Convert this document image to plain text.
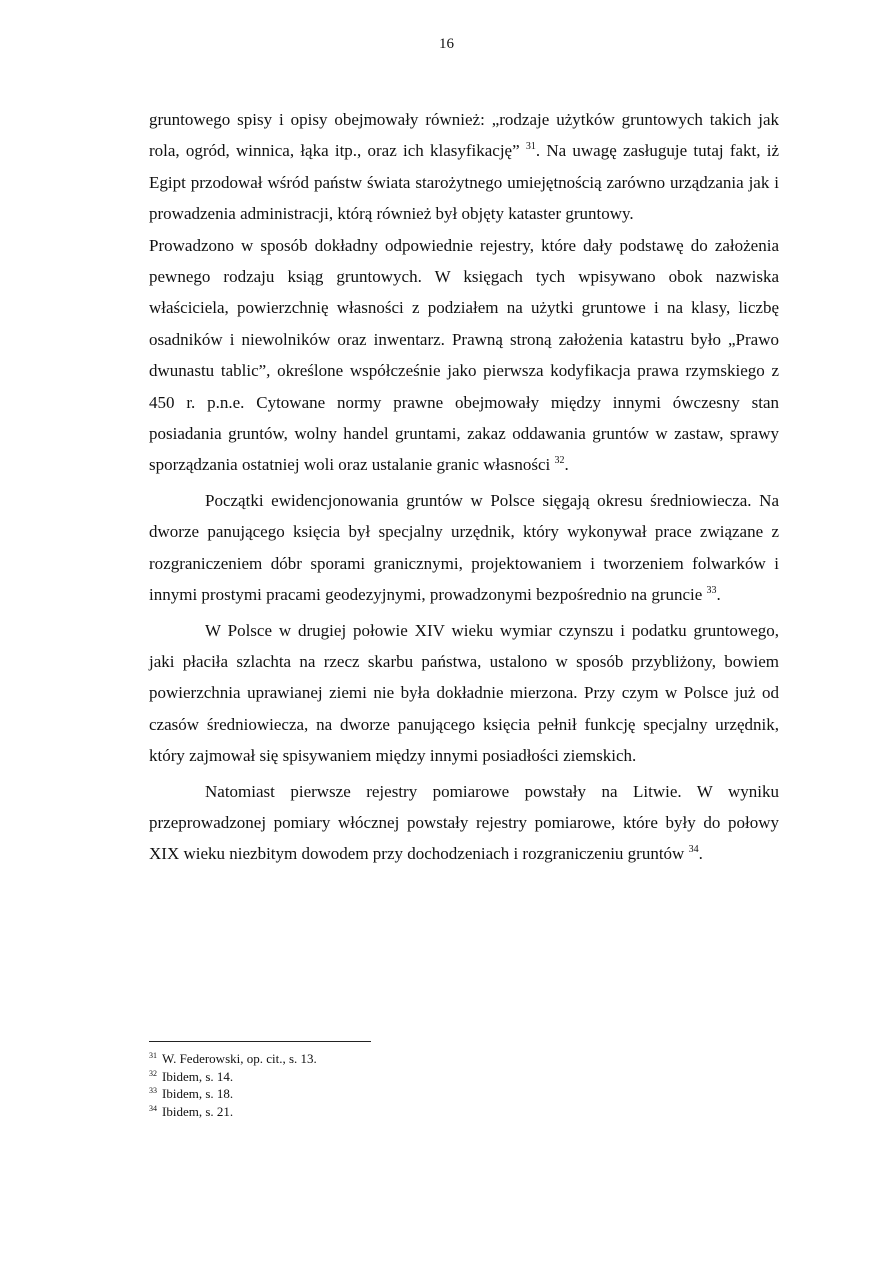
16

gruntowego spisy i opisy obejmowały również: „rodzaje użytków gruntowych takich jak rola, ogród, winnica, łąka itp., oraz ich klasyfikację” $^{31}$. Na uwagę zasługuje tutaj fakt, iż Egipt przodował wśród państw świata starożytnego umiejętnością zarówno urządzania jak i prowadzenia administracji, którą również był objęty kataster gruntowy.

Prowadzono w sposób dokładny odpowiednie rejestry, które dały podstawę do założenia pewnego rodzaju ksiąg gruntowych. W księgach tych wpisywano obok nazwiska właściciela, powierzchnię własności z podziałem na użytki gruntowe i na klasy, liczbę osadników i niewolników oraz inwentarz. Prawną stroną założenia katastru było „Prawo dwunastu tablic”, określone współcześnie jako pierwsza kodyfikacja prawa rzymskiego z 450 r. p.n.e. Cytowane normy prawne obejmowały między innymi ówczesny stan posiadania gruntów, wolny handel gruntami, zakaz oddawania gruntów w zastaw, sprawy sporządzania ostatniej woli oraz ustalanie granic własności $^{32}$.

Początki ewidencjonowania gruntów w Polsce sięgają okresu średniowiecza. Na dworze panującego księcia był specjalny urzędnik, który wykonywał prace związane z rozgraniczeniem dóbr sporami granicznymi, projektowaniem i tworzeniem folwarków i innymi prostymi pracami geodezyjnymi, prowadzonymi bezpośrednio na gruncie $^{33}$.

W Polsce w drugiej połowie XIV wieku wymiar czynszu i podatku gruntowego, jaki płaciła szlachta na rzecz skarbu państwa, ustalono w sposób przybliżony, bowiem powierzchnia uprawianej ziemi nie była dokładnie mierzona. Przy czym w Polsce już od czasów średniowiecza, na dworze panującego księcia pełnił funkcję specjalny urzędnik, który zajmował się spisywaniem między innymi posiadłości ziemskich.

Natomiast pierwsze rejestry pomiarowe powstały na Litwie. W wyniku przeprowadzonej pomiary włócznej powstały rejestry pomiarowe, które były do połowy XIX wieku niezbitym dowodem przy dochodzeniach i rozgraniczeniu gruntów $^{34}$.

$^{31}$ W. Federowski, op. cit., s. 13.
$^{32}$ Ibidem, s. 14.
$^{33}$ Ibidem, s. 18.
$^{34}$ Ibidem, s. 21.
